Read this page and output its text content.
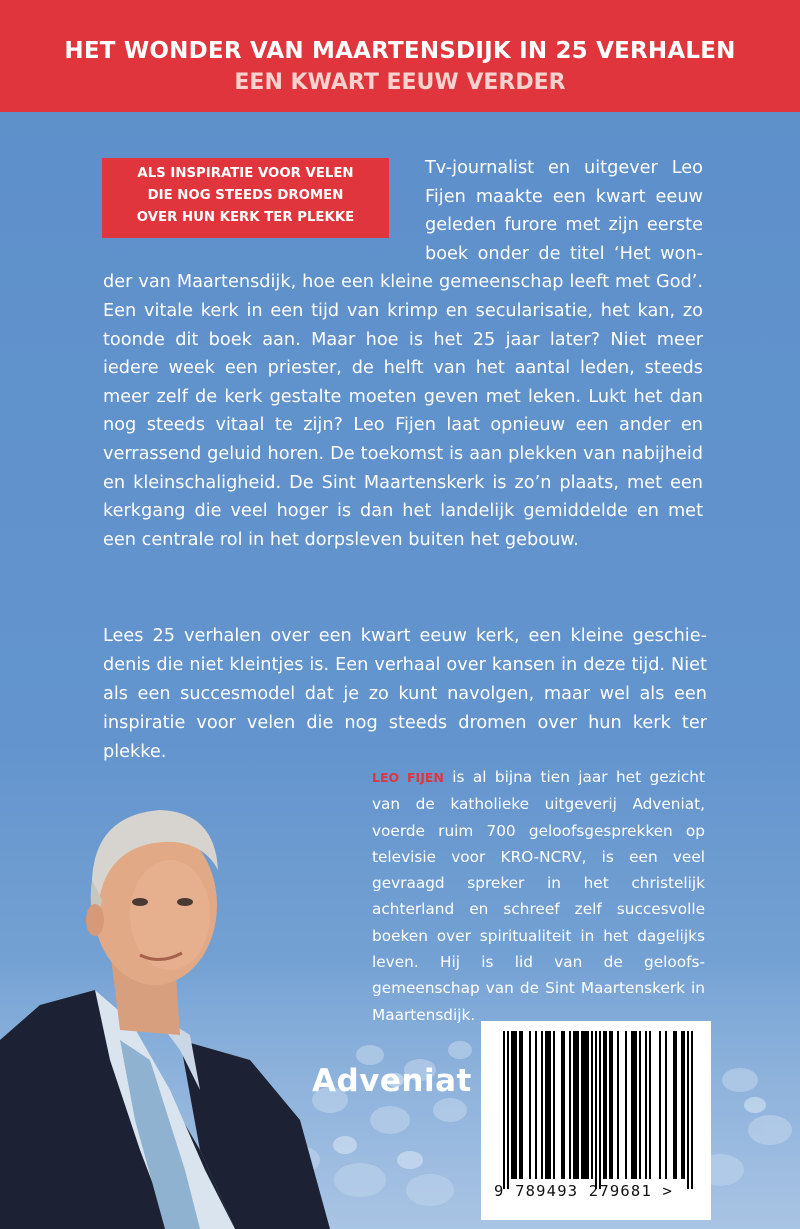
HET WONDER VAN MAARTENSDIJK IN 25 VERHALEN
EEN KWART EEUW VERDER
Tv-journalist en uitgever Leo Fijen maakte een kwart eeuw geleden furore met zijn eerste boek onder de titel ‘Het wonder van Maartensdijk, hoe een kleine gemeenschap leeft met God’. Een vitale kerk in een tijd van krimp en secularisatie, het kan, zo toonde dit boek aan. Maar hoe is het 25 jaar later? Niet meer iedere week een priester, de helft van het aantal leden, steeds meer zelf de kerk gestalte moeten geven met leken. Lukt het dan nog steeds vitaal te zijn? Leo Fijen laat opnieuw een ander en verrassend geluid horen. De toekomst is aan plekken van nabijheid en kleinschaligheid. De Sint Maartenskerk is zo’n plaats, met een kerkgang die veel hoger is dan het landelijk gemiddelde en met een centrale rol in het dorpsleven buiten het gebouw.
ALS INSPIRATIE VOOR VELEN
DIE NOG STEEDS DROMEN
OVER HUN KERK TER PLEKKE
Lees 25 verhalen over een kwart eeuw kerk, een kleine geschiedenis die niet kleintjes is. Een verhaal over kansen in deze tijd. Niet als een succesmodel dat je zo kunt navolgen, maar wel als een inspiratie voor velen die nog steeds dromen over hun kerk ter plekke.
LEO FIJEN is al bijna tien jaar het gezicht van de katholieke uitgeverij Adveniat, voerde ruim 700 geloofsgesprekken op televisie voor KRO-NCRV, is een veel gevraagd spreker in het christelijk achterland en schreef zelf succesvolle boeken over spiritualiteit in het dagelijks leven. Hij is lid van de geloofsgemeenschap van de Sint Maartenskerk in Maartensdijk.
Adveniat
9 789493 279681 >
